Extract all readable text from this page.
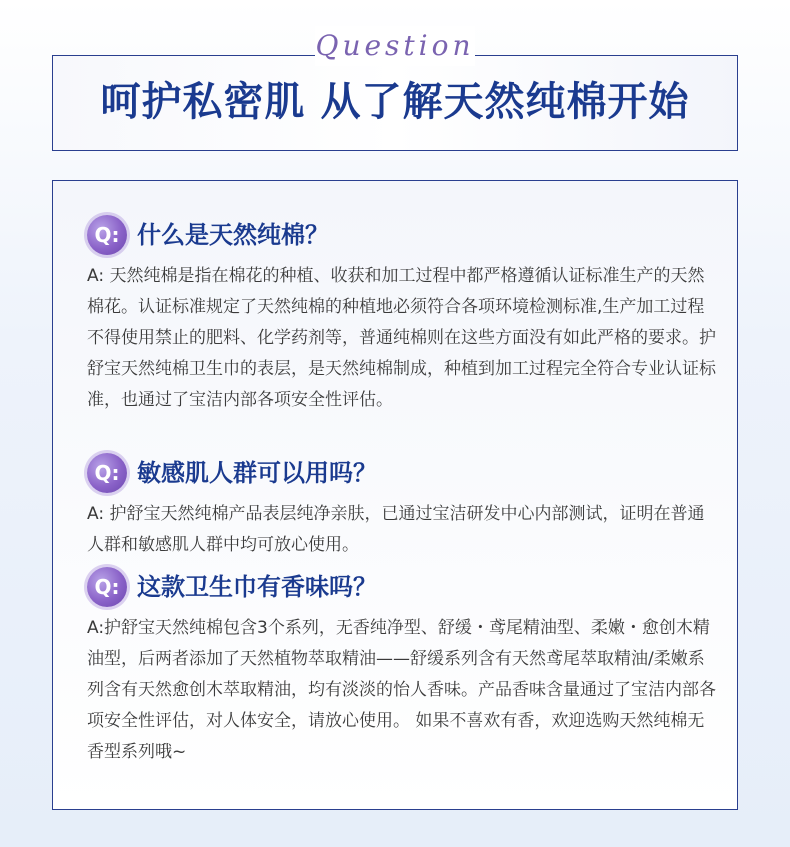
Question
呵护私密肌 从了解天然纯棉开始
Q: 什么是天然纯棉？
A: 天然纯棉是指在棉花的种植、收获和加工过程中都严格遵循认证标准生产的天然棉花。认证标准规定了天然纯棉的种植地必须符合各项环境检测标准,生产加工过程不得使用禁止的肥料、化学药剂等，普通纯棉则在这些方面没有如此严格的要求。护舒宝天然纯棉卫生巾的表层，是天然纯棉制成，种植到加工过程完全符合专业认证标准，也通过了宝洁内部各项安全性评估。
Q: 敏感肌人群可以用吗？
A: 护舒宝天然纯棉产品表层纯净亲肤，已通过宝洁研发中心内部测试，证明在普通人群和敏感肌人群中均可放心使用。
Q: 这款卫生巾有香味吗？
A:护舒宝天然纯棉包含3个系列，无香纯净型、舒缓・鸢尾精油型、柔嫩・愈创木精油型，后两者添加了天然植物萃取精油——舒缓系列含有天然鸢尾萃取精油/柔嫩系列含有天然愈创木萃取精油，均有淡淡的怡人香味。产品香味含量通过了宝洁内部各项安全性评估，对人体安全，请放心使用。 如果不喜欢有香，欢迎选购天然纯棉无香型系列哦~
